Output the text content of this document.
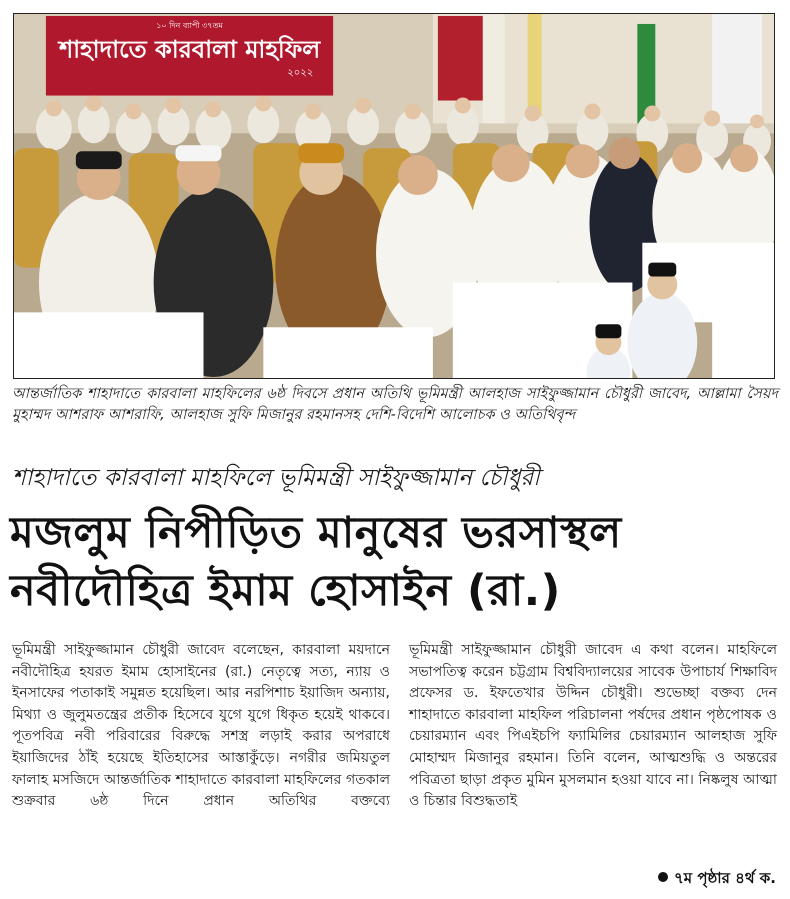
১০ দিন ব্যাপী ৩৭তম
শাহাদাতে কারবালা মাহফিল
২০২২
আন্তর্জাতিক শাহাদাতে কারবালা মাহফিলের ৬ষ্ঠ দিবসে প্রধান অতিথি ভূমিমন্ত্রী আলহাজ সাইফুজ্জামান চৌধুরী জাবেদ, আল্লামা সৈয়দ মুহাম্মদ আশরাফ আশরাফি, আলহাজ সুফি মিজানুর রহমানসহ দেশি-বিদেশি আলোচক ও অতিথিবৃন্দ
শাহাদাতে কারবালা মাহফিলে ভূমিমন্ত্রী সাইফুজ্জামান চৌধুরী
মজলুম নিপীড়িত মানুষের ভরসাস্থল
নবীদৌহিত্র ইমাম হোসাইন (রা.)

ভূমিমন্ত্রী সাইফুজ্জামান চৌধুরী জাবেদ বলেছেন, কারবালা ময়দানে নবীদৌহিত্র হযরত ইমাম হোসাইনের (রা.) নেতৃত্বে সত্য, ন্যায় ও ইনসাফের পতাকাই সমুন্নত হয়েছিল। আর নরপিশাচ ইয়াজিদ অন্যায়, মিথ্যা ও জুলুমতন্ত্রের প্রতীক হিসেবে যুগে যুগে ধিকৃত হয়েই থাকবে। পূতপবিত্র নবী পরিবারের বিরুদ্ধে সশস্ত্র লড়াই করার অপরাধে ইয়াজিদের ঠাঁই হয়েছে ইতিহাসের আস্তাকুঁড়ে। নগরীর জমিয়তুল ফালাহ মসজিদে আন্তর্জাতিক শাহাদাতে কারবালা মাহফিলের গতকাল শুক্রবার ৬ষ্ঠ দিনে প্রধান অতিথির বক্তব্যে

ভূমিমন্ত্রী সাইফুজ্জামান চৌধুরী জাবেদ এ কথা বলেন। মাহফিলে সভাপতিত্ব করেন চট্টগ্রাম বিশ্ববিদ্যালয়ের সাবেক উপাচার্য শিক্ষাবিদ প্রফেসর ড. ইফতেখার উদ্দিন চৌধুরী। শুভেচ্ছা বক্তব্য দেন শাহাদাতে কারবালা মাহফিল পরিচালনা পর্ষদের প্রধান পৃষ্ঠপোষক ও চেয়ারম্যান এবং পিএইচপি ফ্যামিলির চেয়ারম্যান আলহাজ সুফি মোহাম্মদ মিজানুর রহমান। তিনি বলেন, আত্মশুদ্ধি ও অন্তরের পবিত্রতা ছাড়া প্রকৃত মুমিন মুসলমান হওয়া যাবে না। নিষ্কলুষ আত্মা ও চিন্তার বিশুদ্ধতাই

৭ম পৃষ্ঠার ৪র্থ ক.
